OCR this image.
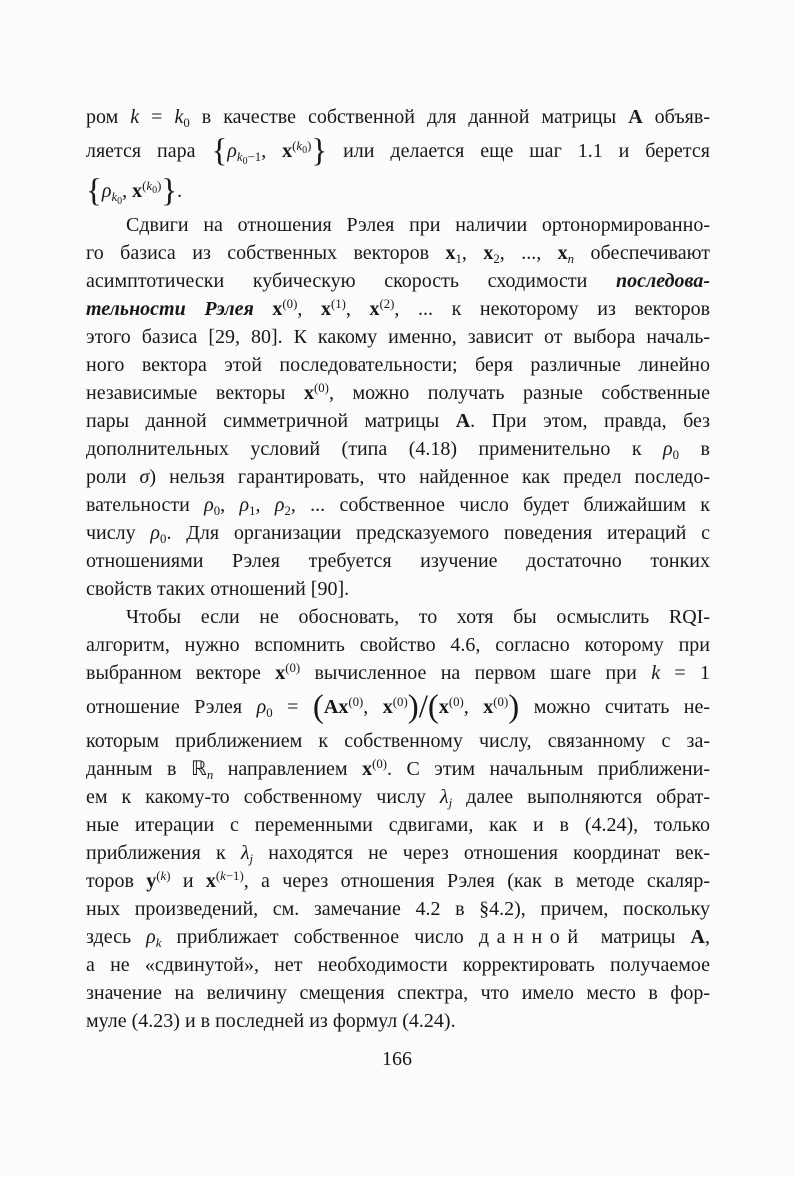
ром $k = k_0$ в качестве собственной для данной матрицы A объяв-
ляется пара {$\rho_{k_0-1}$, $x^{(k_0)}$} или делается еще шаг 1.1 и берется
{$\rho_{k_0}$, $x^{(k_0)}$}.
Сдвиги на отношения Рэлея при наличии ортонормированно-
го базиса из собственных векторов $x_1$, $x_2$, ..., $x_n$ обеспечивают
асимптотически кубическую скорость сходимости последова-
тельности Рэлея $x^{(0)}$, $x^{(1)}$, $x^{(2)}$, ... к некоторому из векторов
этого базиса [29, 80]. К какому именно, зависит от выбора началь-
ного вектора этой последовательности; беря различные линейно
независимые векторы $x^{(0)}$, можно получать разные собственные
пары данной симметричной матрицы A. При этом, правда, без
дополнительных условий (типа (4.18) применительно к $\rho_0$ в
роли σ) нельзя гарантировать, что найденное как предел последо-
вательности $\rho_0$, $\rho_1$, $\rho_2$, ... собственное число будет ближайшим к
числу $\rho_0$. Для организации предсказуемого поведения итераций с
отношениями Рэлея требуется изучение достаточно тонких
свойств таких отношений [90].
Чтобы если не обосновать, то хотя бы осмыслить RQI-
алгоритм, нужно вспомнить свойство 4.6, согласно которому при
выбранном векторе $x^{(0)}$ вычисленное на первом шаге при k = 1
отношение Рэлея $\rho_0 = (Ax^{(0)}$, $x^{(0)})/(x^{(0)}$, $x^{(0)}$) можно считать не-
которым приближением к собственному числу, связанному с за-
данным в ℝ$_n$ направлением $x^{(0)}$. С этим начальным приближени-
ем к какому-то собственному числу $\lambda_j$ далее выполняются обрат-
ные итерации с переменными сдвигами, как и в (4.24), только
приближения к $\lambda_j$ находятся не через отношения координат век-
торов $y^{(k)}$ и $x^{(k-1)}$, а через отношения Рэлея (как в методе скаляр-
ных произведений, см. замечание 4.2 в §4.2), причем, поскольку
здесь $\rho_k$ приближает собственное число данной матрицы A,
а не «сдвинутой», нет необходимости корректировать получаемое
значение на величину смещения спектра, что имело место в фор-
муле (4.23) и в последней из формул (4.24).
166
